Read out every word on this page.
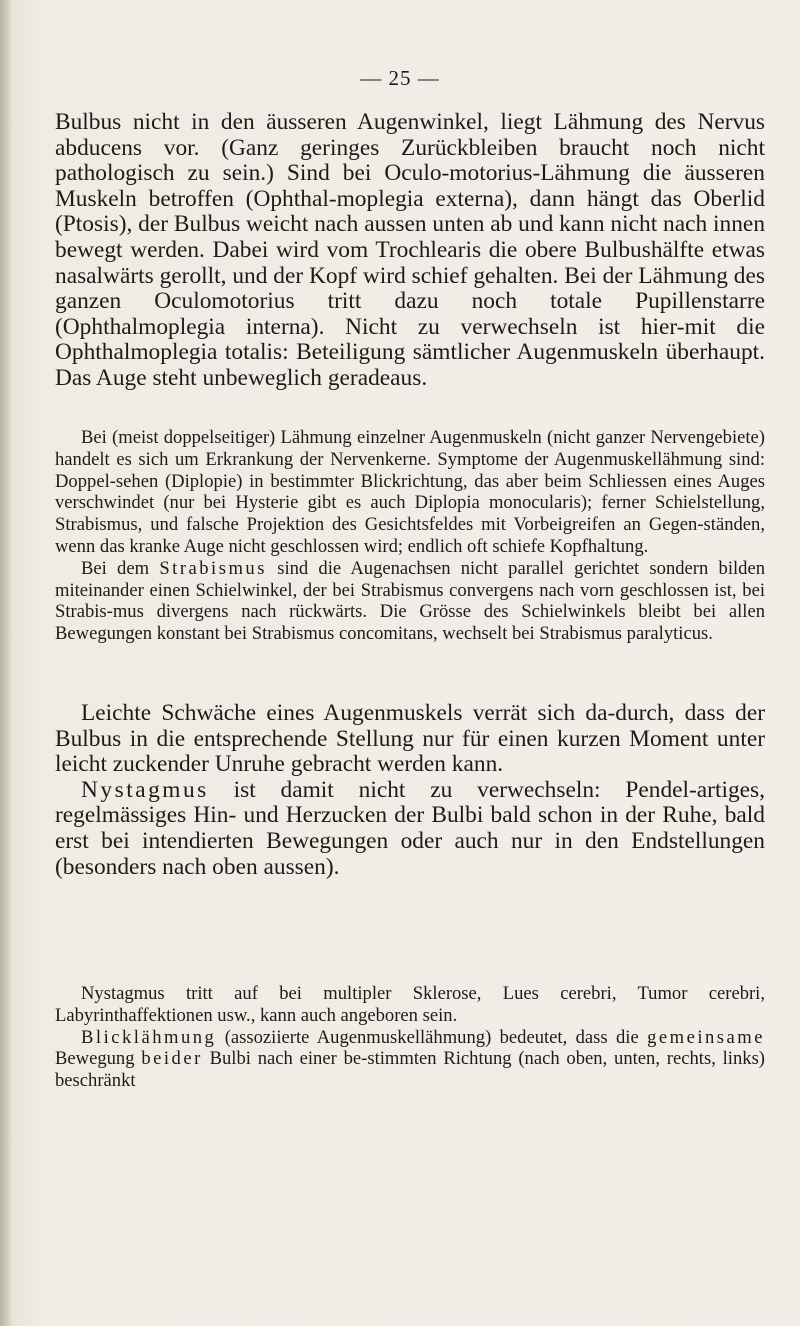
— 25 —

Bulbus nicht in den äusseren Augenwinkel, liegt Lähmung des Nervus abducens vor. (Ganz geringes Zurückbleiben braucht noch nicht pathologisch zu sein.) Sind bei Oculo-motorius-Lähmung die äusseren Muskeln betroffen (Ophthal-moplegia externa), dann hängt das Oberlid (Ptosis), der Bulbus weicht nach aussen unten ab und kann nicht nach innen bewegt werden. Dabei wird vom Trochlearis die obere Bulbushälfte etwas nasalwärts gerollt, und der Kopf wird schief gehalten. Bei der Lähmung des ganzen Oculomotorius tritt dazu noch totale Pupillenstarre (Ophthalmoplegia interna). Nicht zu verwechseln ist hier-mit die Ophthalmoplegia totalis: Beteiligung sämtlicher Augenmuskeln überhaupt. Das Auge steht unbeweglich geradeaus.

Bei (meist doppelseitiger) Lähmung einzelner Augenmuskeln (nicht ganzer Nervengebiete) handelt es sich um Erkrankung der Nervenkerne. Symptome der Augenmuskellähmung sind: Doppel-sehen (Diplopie) in bestimmter Blickrichtung, das aber beim Schliessen eines Auges verschwindet (nur bei Hysterie gibt es auch Diplopia monocularis); ferner Schielstellung, Strabismus, und falsche Projektion des Gesichtsfeldes mit Vorbeigreifen an Gegen-ständen, wenn das kranke Auge nicht geschlossen wird; endlich oft schiefe Kopfhaltung.

Bei dem Strabismus sind die Augenachsen nicht parallel gerichtet sondern bilden miteinander einen Schielwinkel, der bei Strabismus convergens nach vorn geschlossen ist, bei Strabis-mus divergens nach rückwärts. Die Grösse des Schielwinkels bleibt bei allen Bewegungen konstant bei Strabismus concomitans, wechselt bei Strabismus paralyticus.

Leichte Schwäche eines Augenmuskels verrät sich da-durch, dass der Bulbus in die entsprechende Stellung nur für einen kurzen Moment unter leicht zuckender Unruhe gebracht werden kann.

Nystagmus ist damit nicht zu verwechseln: Pendel-artiges, regelmässiges Hin- und Herzucken der Bulbi bald schon in der Ruhe, bald erst bei intendierten Bewegungen oder auch nur in den Endstellungen (besonders nach oben aussen).

Nystagmus tritt auf bei multipler Sklerose, Lues cerebri, Tumor cerebri, Labyrinthaffektionen usw., kann auch angeboren sein.

Blicklähmung (assoziierte Augenmuskellähmung) bedeutet, dass die gemeinsame Bewegung beider Bulbi nach einer be-stimmten Richtung (nach oben, unten, rechts, links) beschränkt
